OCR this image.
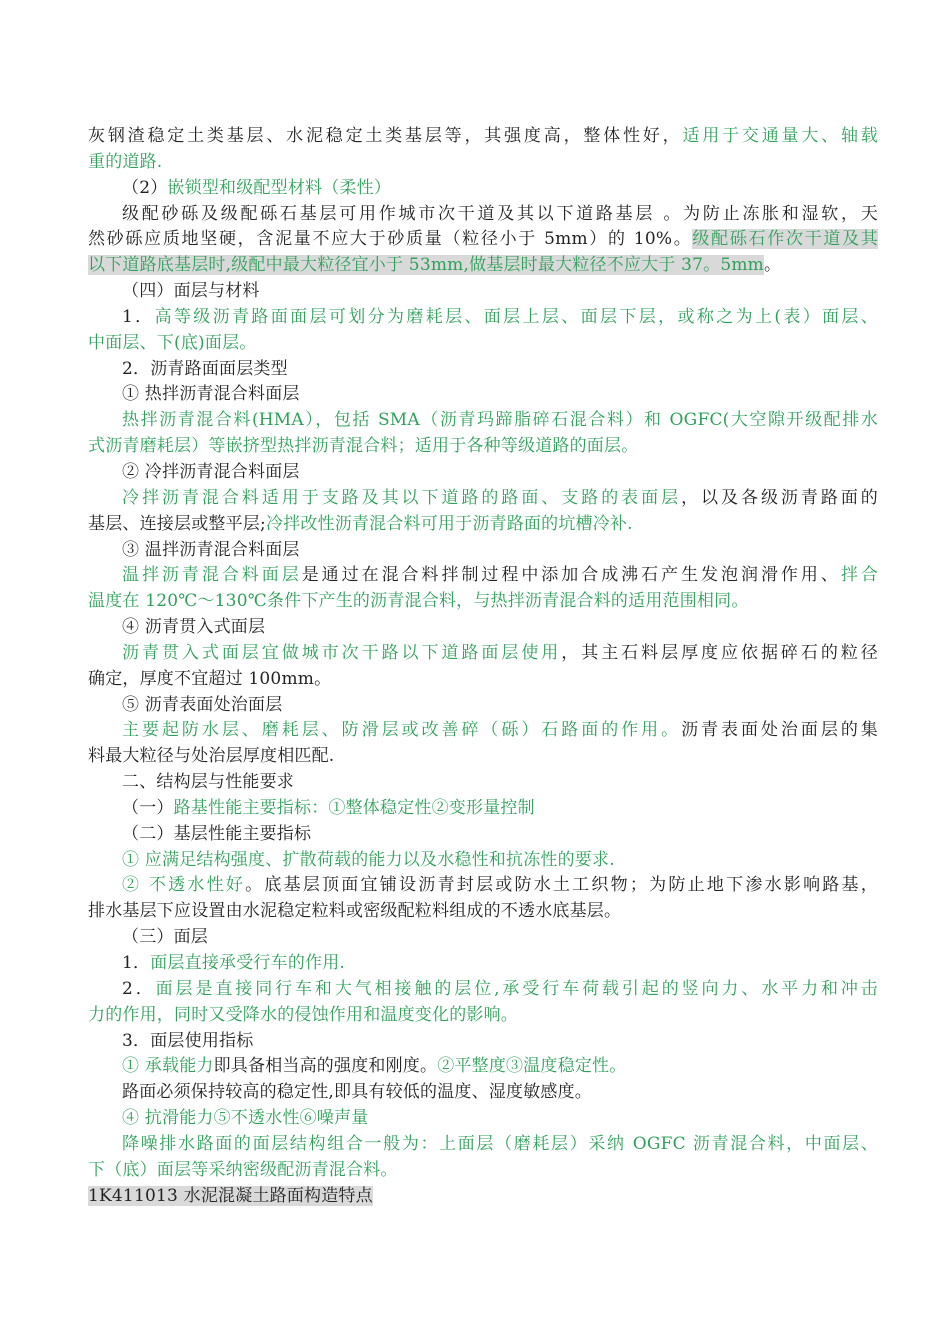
灰钢渣稳定土类基层、水泥稳定土类基层等，其强度高，整体性好，适用于交通量大、轴载
重的道路.
（2）嵌锁型和级配型材料（柔性）
级配砂砾及级配砾石基层可用作城市次干道及其以下道路基层 。为防止冻胀和湿软，天
然砂砾应质地坚硬，含泥量不应大于砂质量（粒径小于 5mm）的 10%。级配砾石作次干道及其
以下道路底基层时,级配中最大粒径宜小于 53mm,做基层时最大粒径不应大于 37。5mm。
（四）面层与材料
1．高等级沥青路面面层可划分为磨耗层、面层上层、面层下层，或称之为上(表）面层、
中面层、下(底)面层。
2．沥青路面面层类型
① 热拌沥青混合料面层
热拌沥青混合料(HMA），包括 SMA（沥青玛蹄脂碎石混合料）和 OGFC(大空隙开级配排水
式沥青磨耗层）等嵌挤型热拌沥青混合料；适用于各种等级道路的面层。
② 冷拌沥青混合料面层
冷拌沥青混合料适用于支路及其以下道路的路面、支路的表面层，以及各级沥青路面的
基层、连接层或整平层;冷拌改性沥青混合料可用于沥青路面的坑槽冷补.
③ 温拌沥青混合料面层
温拌沥青混合料面层是通过在混合料拌制过程中添加合成沸石产生发泡润滑作用、拌合
温度在 120℃～130℃条件下产生的沥青混合料，与热拌沥青混合料的适用范围相同。
④ 沥青贯入式面层
沥青贯入式面层宜做城市次干路以下道路面层使用，其主石料层厚度应依据碎石的粒径
确定，厚度不宜超过 100mm。
⑤ 沥青表面处治面层
主要起防水层、磨耗层、防滑层或改善碎（砾）石路面的作用。沥青表面处治面层的集
料最大粒径与处治层厚度相匹配.
二、结构层与性能要求
（一）路基性能主要指标：①整体稳定性②变形量控制
（二）基层性能主要指标
① 应满足结构强度、扩散荷载的能力以及水稳性和抗冻性的要求.
② 不透水性好。底基层顶面宜铺设沥青封层或防水土工织物；为防止地下渗水影响路基，
排水基层下应设置由水泥稳定粒料或密级配粒料组成的不透水底基层。
（三）面层
1．面层直接承受行车的作用.
2．面层是直接同行车和大气相接触的层位,承受行车荷载引起的竖向力、水平力和冲击
力的作用，同时又受降水的侵蚀作用和温度变化的影响。
3．面层使用指标
① 承载能力即具备相当高的强度和刚度。②平整度③温度稳定性。
路面必须保持较高的稳定性,即具有较低的温度、湿度敏感度。
④ 抗滑能力⑤不透水性⑥噪声量
降噪排水路面的面层结构组合一般为：上面层（磨耗层）采纳 OGFC 沥青混合料，中面层、
下（底）面层等采纳密级配沥青混合料。
1K411013 水泥混凝土路面构造特点
